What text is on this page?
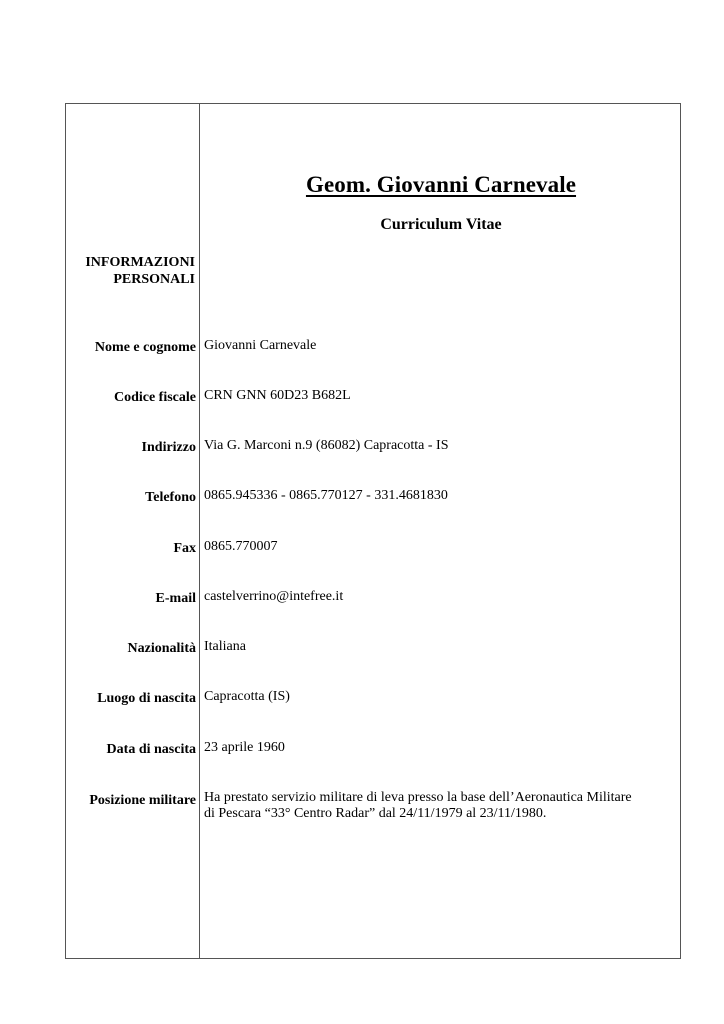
Geom. Giovanni Carnevale
Curriculum Vitae
INFORMAZIONI
PERSONALI
Nome e cognome Giovanni Carnevale
Codice fiscale CRN GNN 60D23 B682L
Indirizzo Via G. Marconi n.9 (86082) Capracotta - IS
Telefono 0865.945336 - 0865.770127 - 331.4681830
Fax 0865.770007
E-mail castelverrino@intefree.it
Nazionalità Italiana
Luogo di nascita Capracotta (IS)
Data di nascita 23 aprile 1960
Posizione militare Ha prestato servizio militare di leva presso la base dell’Aeronautica Militare
di Pescara “33° Centro Radar” dal 24/11/1979 al 23/11/1980.
